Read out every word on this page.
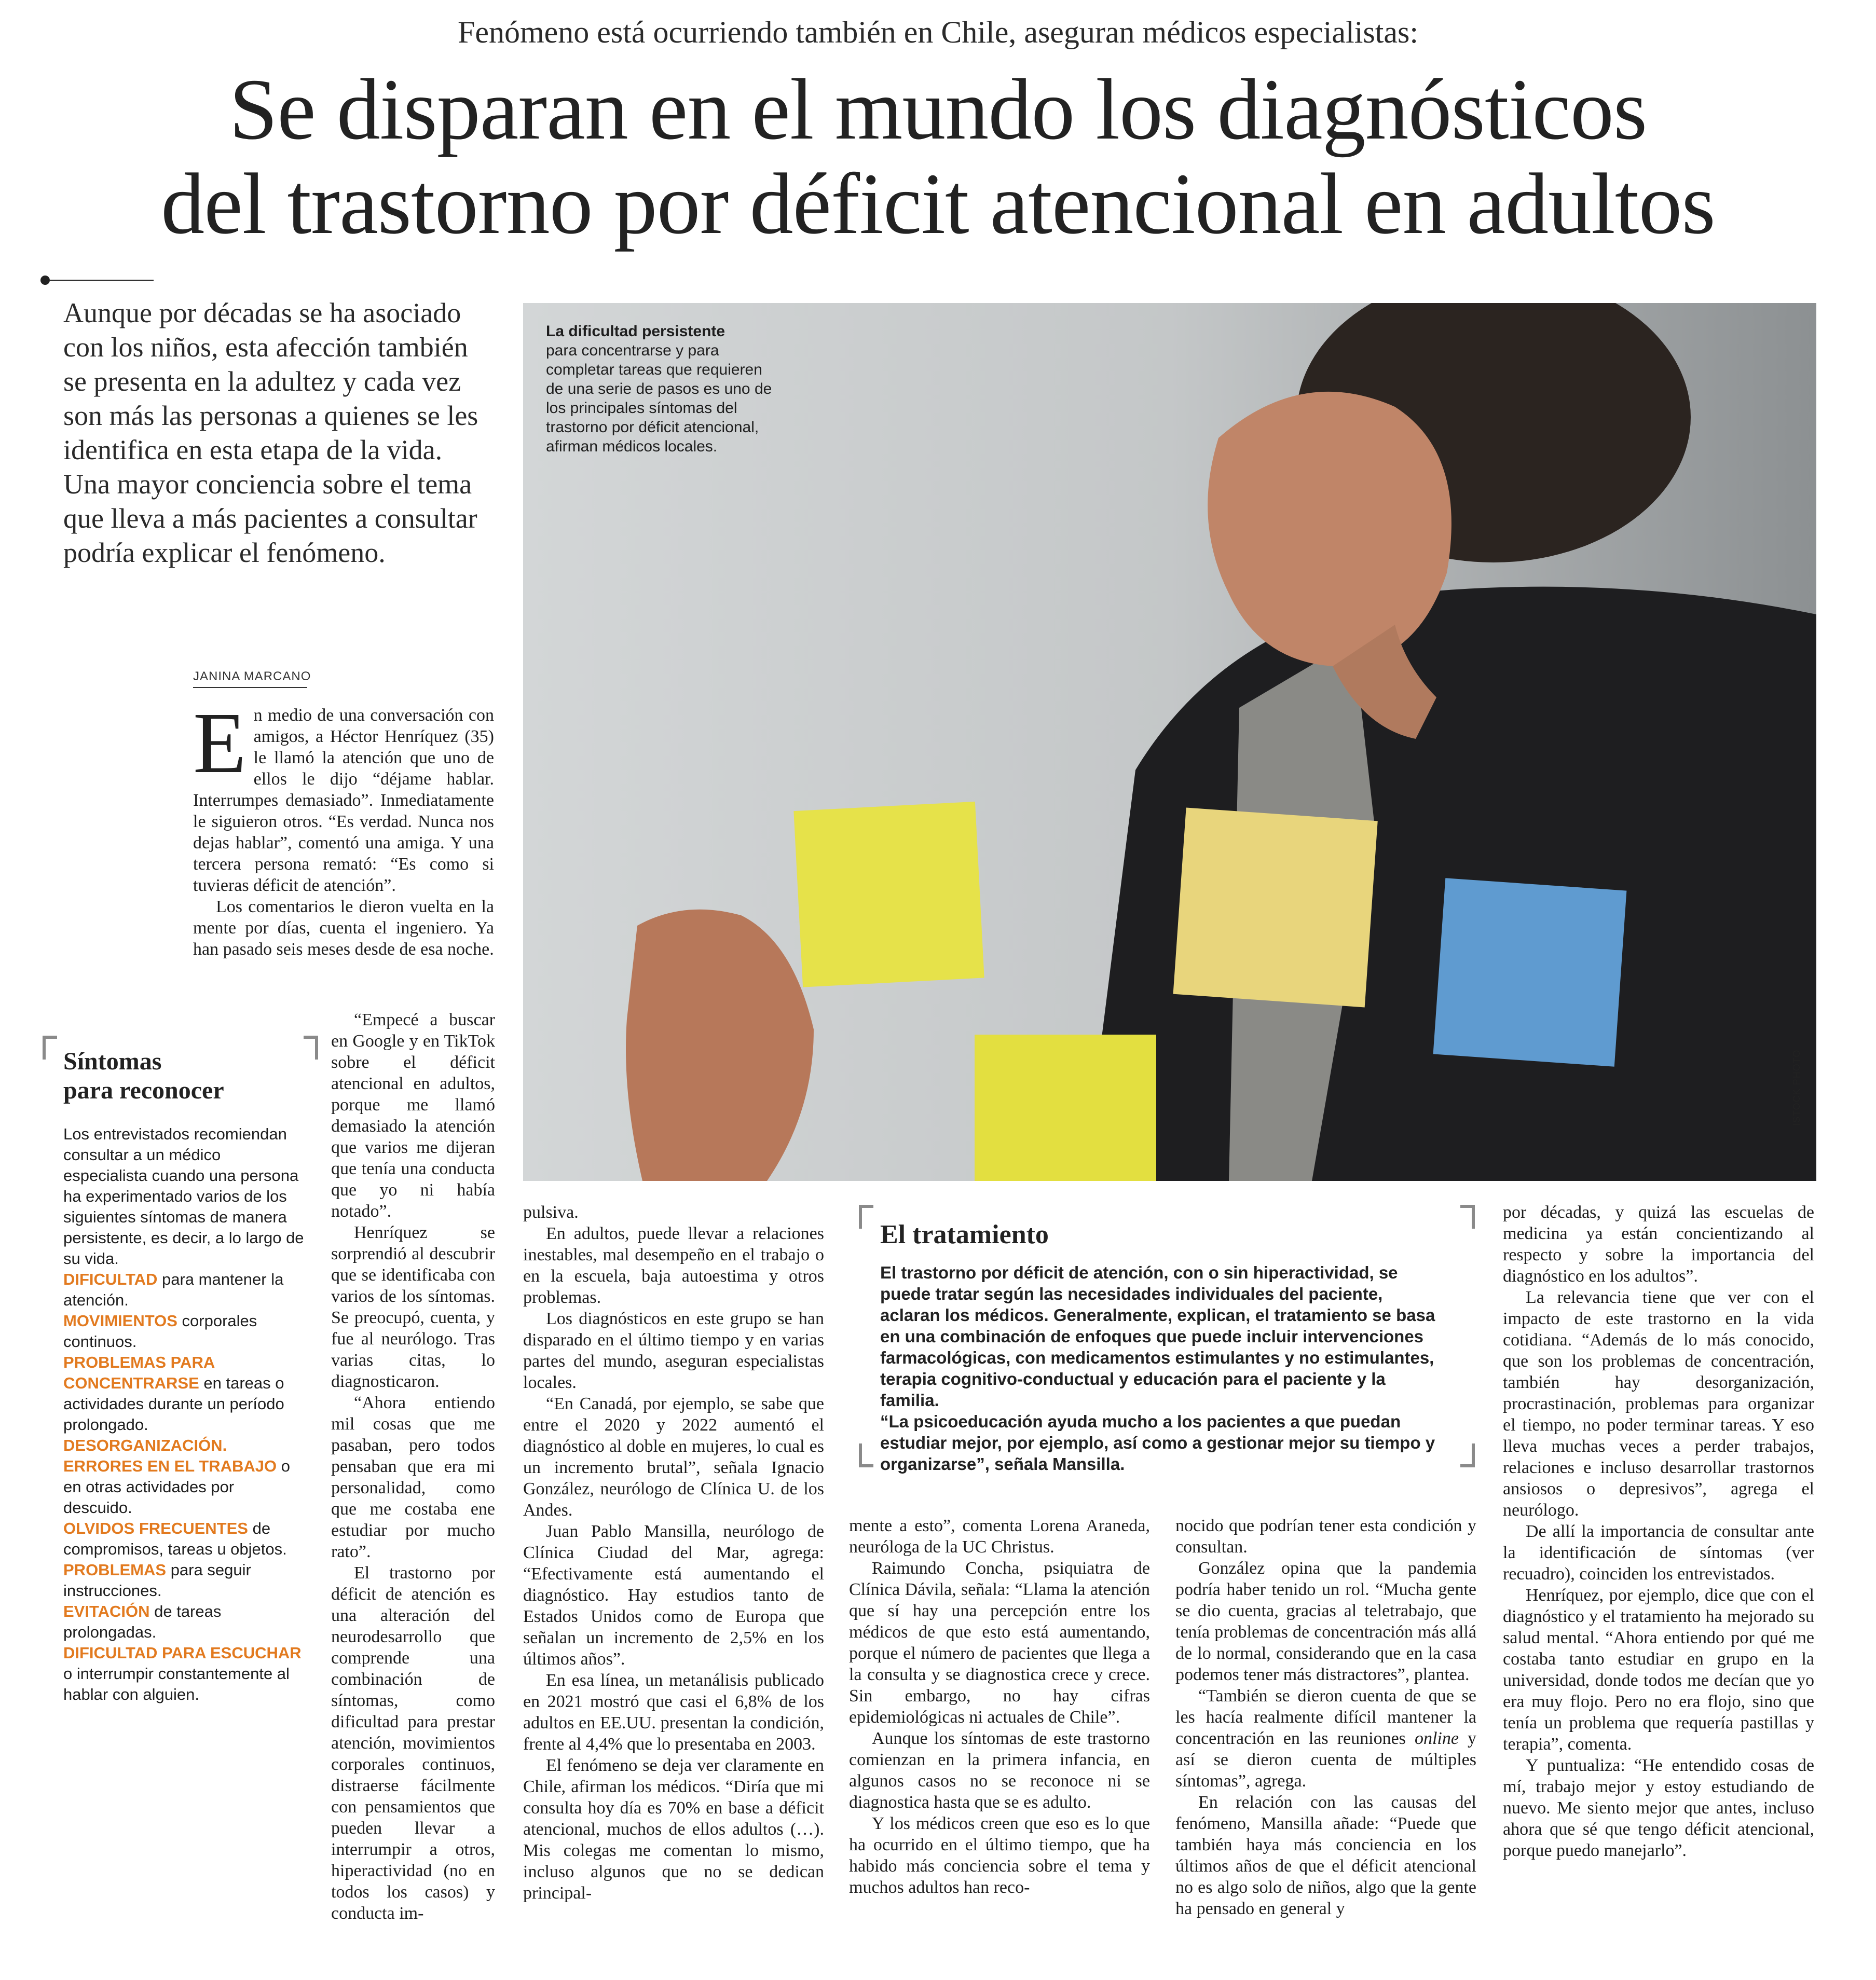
Fenómeno está ocurriendo también en Chile, aseguran médicos especialistas:
Se disparan en el mundo los diagnósticos
del trastorno por déficit atencional en adultos
Aunque por décadas se ha asociado con los niños, esta afección también se presenta en la adultez y cada vez son más las personas a quienes se les identifica en esta etapa de la vida. Una mayor conciencia sobre el tema que lleva a más pacientes a consultar podría explicar el fenómeno.
JANINA MARCANO

En medio de una conversación con amigos, a Héctor Henríquez (35) le llamó la atención que uno de ellos le dijo “déjame hablar. Interrumpes demasiado”. Inmediatamente le siguieron otros. “Es verdad. Nunca nos dejas hablar”, comentó una amiga. Y una tercera persona remató: “Es como si tuvieras déficit de atención”.

Los comentarios le dieron vuelta en la mente por días, cuenta el ingeniero. Ya han pasado seis meses desde de esa noche.

“Empecé a buscar en Google y en TikTok sobre el déficit atencional en adultos, porque me llamó demasiado la atención que varios me dijeran que tenía una conducta que yo ni había notado”.

Henríquez se sorprendió al descubrir que se identificaba con varios de los síntomas. Se preocupó, cuenta, y fue al neurólogo. Tras varias citas, lo diagnosticaron.

“Ahora entiendo mil cosas que me pasaban, pero todos pensaban que era mi personalidad, como que me costaba ene estudiar por mucho rato”.

El trastorno por déficit de atención es una alteración del neurodesarrollo que comprende una combinación de síntomas, como dificultad para prestar atención, movimientos corporales continuos, distraerse fácilmente con pensamientos que pueden llevar a interrumpir a otros, hiperactividad (no en todos los casos) y conducta im-

La dificultad persistente
para concentrarse y para completar tareas que requieren de una serie de pasos es uno de los principales síntomas del trastorno por déficit atencional, afirman médicos locales.
ISTOCK PHOTO
Síntomas
para reconocer
Los entrevistados recomiendan consultar a un médico especialista cuando una persona ha experimentado varios de los siguientes síntomas de manera persistente, es decir, a lo largo de su vida.
DIFICULTAD para mantener la atención.
MOVIMIENTOS corporales continuos.
PROBLEMAS PARA CONCENTRARSE en tareas o actividades durante un período prolongado.
DESORGANIZACIÓN.
ERRORES EN EL TRABAJO o en otras actividades por descuido.
OLVIDOS FRECUENTES de compromisos, tareas u objetos.
PROBLEMAS para seguir instrucciones.
EVITACIÓN de tareas prolongadas.
DIFICULTAD PARA ESCUCHAR o interrumpir constantemente al hablar con alguien.

pulsiva.

En adultos, puede llevar a relaciones inestables, mal desempeño en el trabajo o en la escuela, baja autoestima y otros problemas.

Los diagnósticos en este grupo se han disparado en el último tiempo y en varias partes del mundo, aseguran especialistas locales.

“En Canadá, por ejemplo, se sabe que entre el 2020 y 2022 aumentó el diagnóstico al doble en mujeres, lo cual es un incremento brutal”, señala Ignacio González, neurólogo de Clínica U. de los Andes.

Juan Pablo Mansilla, neurólogo de Clínica Ciudad del Mar, agrega: “Efectivamente está aumentando el diagnóstico. Hay estudios tanto de Estados Unidos como de Europa que señalan un incremento de 2,5% en los últimos años”.

En esa línea, un metanálisis publicado en 2021 mostró que casi el 6,8% de los adultos en EE.UU. presentan la condición, frente al 4,4% que lo presentaba en 2003.

El fenómeno se deja ver claramente en Chile, afirman los médicos. “Diría que mi consulta hoy día es 70% en base a déficit atencional, muchos de ellos adultos (…). Mis colegas me comentan lo mismo, incluso algunos que no se dedican principal-

El tratamiento

El trastorno por déficit de atención, con o sin hiperactividad, se puede tratar según las necesidades individuales del paciente, aclaran los médicos. Generalmente, explican, el tratamiento se basa en una combinación de enfoques que puede incluir intervenciones farmacológicas, con medicamentos estimulantes y no estimulantes, terapia cognitivo-conductual y educación para el paciente y la familia.

“La psicoeducación ayuda mucho a los pacientes a que puedan estudiar mejor, por ejemplo, así como a gestionar mejor su tiempo y organizarse”, señala Mansilla.

mente a esto”, comenta Lorena Araneda, neuróloga de la UC Christus.

Raimundo Concha, psiquiatra de Clínica Dávila, señala: “Llama la atención que sí hay una percepción entre los médicos de que esto está aumentando, porque el número de pacientes que llega a la consulta y se diagnostica crece y crece. Sin embargo, no hay cifras epidemiológicas ni actuales de Chile”.

Aunque los síntomas de este trastorno comienzan en la primera infancia, en algunos casos no se reconoce ni se diagnostica hasta que se es adulto.

Y los médicos creen que eso es lo que ha ocurrido en el último tiempo, que ha habido más conciencia sobre el tema y muchos adultos han reco-

nocido que podrían tener esta condición y consultan.

González opina que la pandemia podría haber tenido un rol. “Mucha gente se dio cuenta, gracias al teletrabajo, que tenía problemas de concentración más allá de lo normal, considerando que en la casa podemos tener más distractores”, plantea.

“También se dieron cuenta de que se les hacía realmente difícil mantener la concentración en las reuniones online y así se dieron cuenta de múltiples síntomas”, agrega.

En relación con las causas del fenómeno, Mansilla añade: “Puede que también haya más conciencia en los últimos años de que el déficit atencional no es algo solo de niños, algo que la gente ha pensado en general y

por décadas, y quizá las escuelas de medicina ya están concientizando al respecto y sobre la importancia del diagnóstico en los adultos”.

La relevancia tiene que ver con el impacto de este trastorno en la vida cotidiana. “Además de lo más conocido, que son los problemas de concentración, también hay desorganización, procrastinación, problemas para organizar el tiempo, no poder terminar tareas. Y eso lleva muchas veces a perder trabajos, relaciones e incluso desarrollar trastornos ansiosos o depresivos”, agrega el neurólogo.

De allí la importancia de consultar ante la identificación de síntomas (ver recuadro), coinciden los entrevistados.

Henríquez, por ejemplo, dice que con el diagnóstico y el tratamiento ha mejorado su salud mental. “Ahora entiendo por qué me costaba tanto estudiar en grupo en la universidad, donde todos me decían que yo era muy flojo. Pero no era flojo, sino que tenía un problema que requería pastillas y terapia”, comenta.

Y puntualiza: “He entendido cosas de mí, trabajo mejor y estoy estudiando de nuevo. Me siento mejor que antes, incluso ahora que sé que tengo déficit atencional, porque puedo manejarlo”.
